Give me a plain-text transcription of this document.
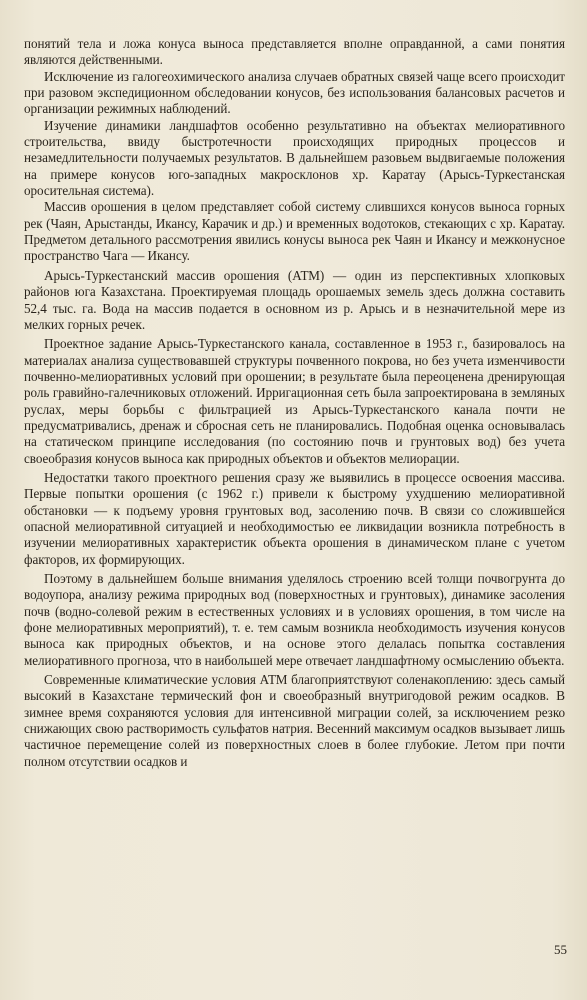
понятий тела и ложа конуса выноса представляется вполне оправданной, а сами понятия являются действенными.

Исключение из галогеохимического анализа случаев обратных связей чаще всего происходит при разовом экспедиционном обследовании конусов, без использования балансовых расчетов и организации режимных наблюдений.

Изучение динамики ландшафтов особенно результативно на объектах мелиоративного строительства, ввиду быстротечности происходящих природных процессов и незамедлительности получаемых результатов. В дальнейшем разовьем выдвигаемые положения на примере конусов юго-западных макросклонов хр. Каратау (Арысь-Туркестанская оросительная система).

Массив орошения в целом представляет собой систему слившихся конусов выноса горных рек (Чаян, Арыстанды, Икансу, Карачик и др.) и временных водотоков, стекающих с хр. Каратау. Предметом детального рассмотрения явились конусы выноса рек Чаян и Икансу и межконусное пространство Чага — Икансу.

Арысь-Туркестанский массив орошения (АТМ) — один из перспективных хлопковых районов юга Казахстана. Проектируемая площадь орошаемых земель здесь должна составить 52,4 тыс. га. Вода на массив подается в основном из р. Арысь и в незначительной мере из мелких горных речек.

Проектное задание Арысь-Туркестанского канала, составленное в 1953 г., базировалось на материалах анализа существовавшей структуры почвенного покрова, но без учета изменчивости почвенно-мелиоративных условий при орошении; в результате была переоценена дренирующая роль гравийно-галечниковых отложений. Ирригационная сеть была запроектирована в земляных руслах, меры борьбы с фильтрацией из Арысь-Туркестанского канала почти не предусматривались, дренаж и сбросная сеть не планировались. Подобная оценка основывалась на статическом принципе исследования (по состоянию почв и грунтовых вод) без учета своеобразия конусов выноса как природных объектов и объектов мелиорации.

Недостатки такого проектного решения сразу же выявились в процессе освоения массива. Первые попытки орошения (с 1962 г.) привели к быстрому ухудшению мелиоративной обстановки — к подъему уровня грунтовых вод, засолению почв. В связи со сложившейся опасной мелиоративной ситуацией и необходимостью ее ликвидации возникла потребность в изучении мелиоративных характеристик объекта орошения в динамическом плане с учетом факторов, их формирующих.

Поэтому в дальнейшем больше внимания уделялось строению всей толщи почвогрунта до водоупора, анализу режима природных вод (поверхностных и грунтовых), динамике засоления почв (водно-солевой режим в естественных условиях и в условиях орошения, в том числе на фоне мелиоративных мероприятий), т. е. тем самым возникла необходимость изучения конусов выноса как природных объектов, и на основе этого делалась попытка составления мелиоративного прогноза, что в наибольшей мере отвечает ландшафтному осмыслению объекта.

Современные климатические условия АТМ благоприятствуют соленакоплению: здесь самый высокий в Казахстане термический фон и своеобразный внутригодовой режим осадков. В зимнее время сохраняются условия для интенсивной миграции солей, за исключением резко снижающих свою растворимость сульфатов натрия. Весенний максимум осадков вызывает лишь частичное перемещение солей из поверхностных слоев в более глубокие. Летом при почти полном отсутствии осадков и

55
